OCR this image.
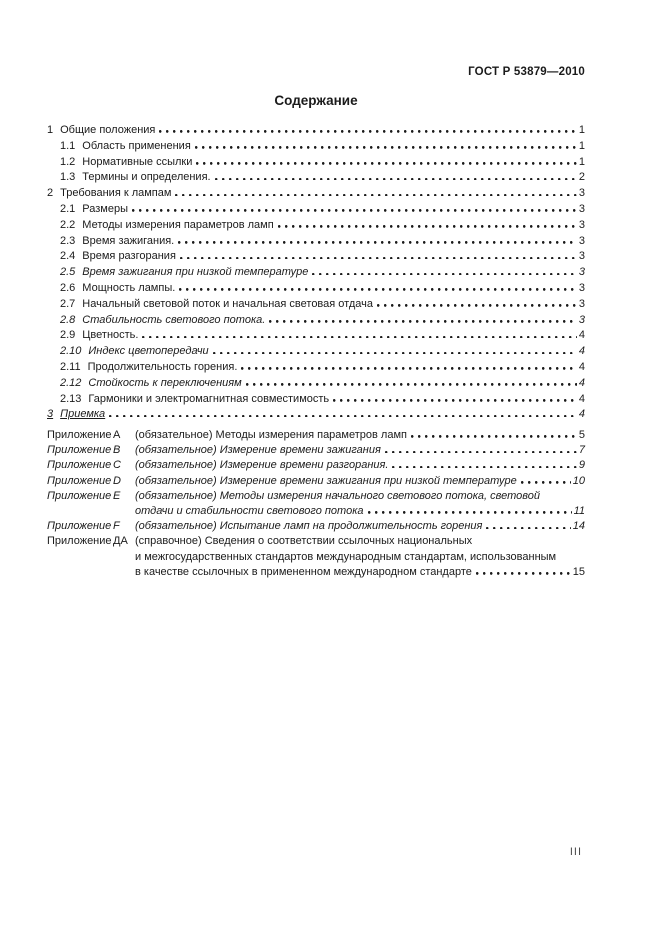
ГОСТ Р 53879—2010
Содержание
1 Общие положения	1
1.1 Область применения	1
1.2 Нормативные ссылки	1
1.3 Термины и определения.	2
2 Требования к лампам	3
2.1 Размеры	3
2.2 Методы измерения параметров ламп	3
2.3 Время зажигания.	3
2.4 Время разгорания	3
2.5 Время зажигания при низкой температуре	3
2.6 Мощность лампы.	3
2.7 Начальный световой поток и начальная световая отдача	3
2.8 Стабильность светового потока.	3
2.9 Цветность.	4
2.10 Индекс цветопередачи	4
2.11 Продолжительность горения.	4
2.12 Стойкость к переключениям	4
2.13 Гармоники и электромагнитная совместимость	4
3 Приемка	4
Приложение А	(обязательное) Методы измерения параметров ламп	5
Приложение B	(обязательное) Измерение времени зажигания	7
Приложение C	(обязательное) Измерение времени разгорания.	9
Приложение D	(обязательное) Измерение времени зажигания при низкой температуре	10
Приложение E	(обязательное) Методы измерения начального светового потока, световой
отдачи и стабильности светового потока	11
Приложение F	(обязательное) Испытание ламп на продолжительность горения	14
Приложение ДА (справочное) Сведения о соответствии ссылочных национальных
и межгосударственных стандартов международным стандартам, использованным
в качестве ссылочных в примененном международном стандарте	15
III
